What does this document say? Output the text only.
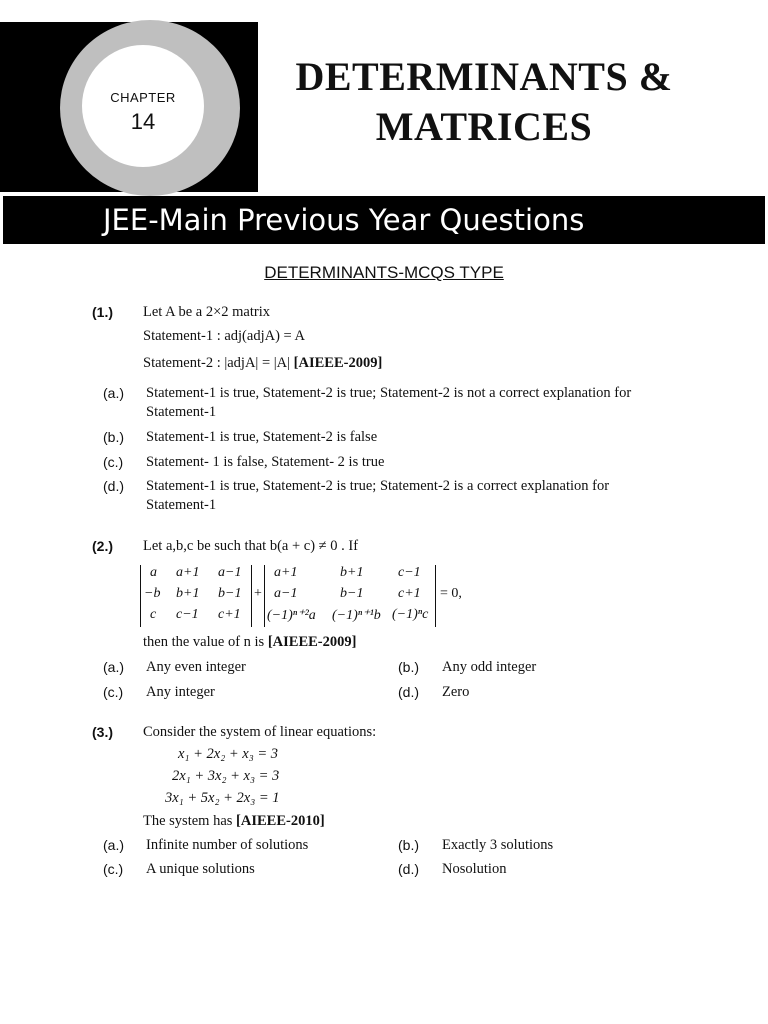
CHAPTER
14
DETERMINANTS &
MATRICES
JEE-Main Previous Year Questions
DETERMINANTS-MCQS TYPE
(1.) Let A be a 2×2 matrix
Statement-1 : adj(adjA) = A
Statement-2 : |adjA| = |A| [AIEEE-2009]
(a.) Statement-1 is true, Statement-2 is true; Statement-2 is not a correct explanation for
Statement-1
(b.) Statement-1 is true, Statement-2 is false
(c.) Statement- 1 is false, Statement- 2 is true
(d.) Statement-1 is true, Statement-2 is true; Statement-2 is a correct explanation for
Statement-1
(2.) Let a,b,c be such that b(a + c) ≠ 0 . If
a a+1 a−1
−b b+1 b−1
c c−1 c+1
+
a+1	b+1 c−1
a−1	b−1 c+1
(−1)ⁿ⁺²a (−1)ⁿ⁺¹b (−1)ⁿc
= 0,
then the value of n is [AIEEE-2009]
(a.) Any even integer	(b.) Any odd integer
(c.) Any integer	(d.) Zero
(3.) Consider the system of linear equations:
x₁ + 2x₂ + x₃ = 3
2x₁ + 3x₂ + x₃ = 3
3x₁ + 5x₂ + 2x₃ = 1
The system has [AIEEE-2010]
(a.) Infinite number of solutions	(b.) Exactly 3 solutions
(c.) A unique solutions	(d.) Nosolution
